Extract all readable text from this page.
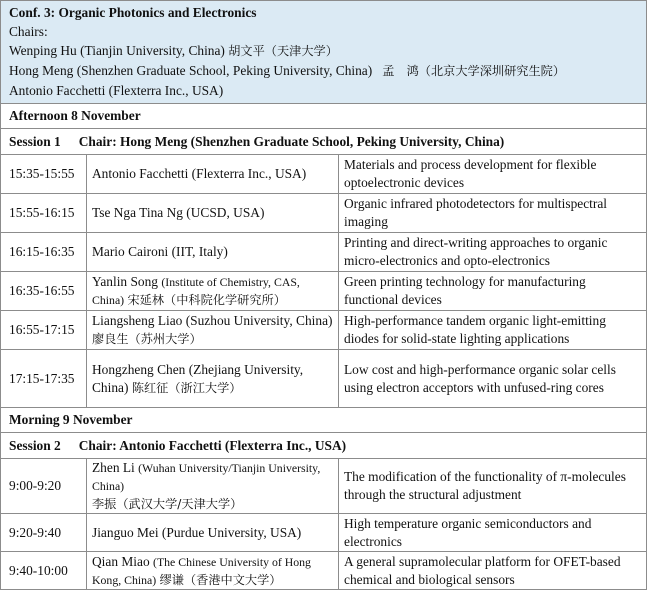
Conf. 3: Organic Photonics and Electronics
Chairs:
Wenping Hu (Tianjin University, China) 胡文平（天津大学）
Hong Meng (Shenzhen Graduate School, Peking University, China) 孟　鸿（北京大学深圳研究生院）
Antonio Facchetti (Flexterra Inc., USA)		

Afternoon 8 November		
Session 1 Chair: Hong Meng (Shenzhen Graduate School, Peking University, China)		
15:35-15:55	Antonio Facchetti (Flexterra Inc., USA)	Materials and process development for flexible optoelectronic devices
15:55-16:15	Tse Nga Tina Ng (UCSD, USA)	Organic infrared photodetectors for multispectral imaging
16:15-16:35	Mario Caironi (IIT, Italy)	Printing and direct-writing approaches to organic micro-electronics and opto-electronics
16:35-16:55	Yanlin Song (Institute of Chemistry, CAS, China) 宋延林（中科院化学研究所）	Green printing technology for manufacturing functional devices
16:55-17:15	Liangsheng Liao (Suzhou University, China) 廖良生（苏州大学）	High-performance tandem organic light-emitting diodes for solid-state lighting applications
17:15-17:35	Hongzheng Chen (Zhejiang University, China) 陈红征（浙江大学）	Low cost and high-performance organic solar cells using electron acceptors with unfused-ring cores
Morning 9 November		
Session 2 Chair: Antonio Facchetti (Flexterra Inc., USA)		
9:00-9:20	Zhen Li (Wuhan University/Tianjin University, China)
李振（武汉大学/天津大学）	The modification of the functionality of π-molecules through the structural adjustment
9:20-9:40	Jianguo Mei (Purdue University, USA)	High temperature organic semiconductors and electronics
9:40-10:00	Qian Miao (The Chinese University of Hong Kong, China) 缪谦（香港中文大学）	A general supramolecular platform for OFET-based chemical and biological sensors
